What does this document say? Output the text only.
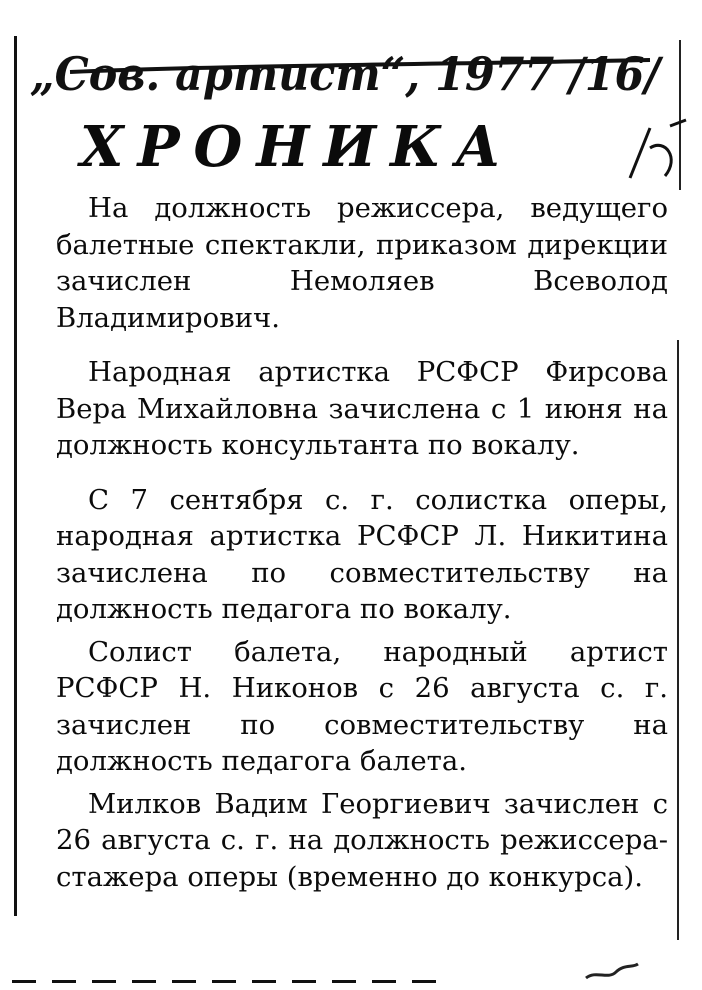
„Сов. артист“, 1977 /16/
ХРОНИКА

На должность режиссера, ведущего балетные спектакли, приказом дирекции зачислен Немоляев Всеволод Владимирович.

Народная артистка РСФСР Фирсова Вера Михайловна зачислена с 1 июня на должность консультанта по вокалу.

С 7 сентября с. г. солистка оперы, народная артистка РСФСР Л. Никитина зачислена по совместительству на должность педагога по вокалу.

Солист балета, народный артист РСФСР Н. Никонов с 26 августа с. г. зачислен по совместительству на должность педагога балета.

Милков Вадим Георгиевич зачислен с 26 августа с. г. на должность режиссера-стажера оперы (временно до конкурса).
